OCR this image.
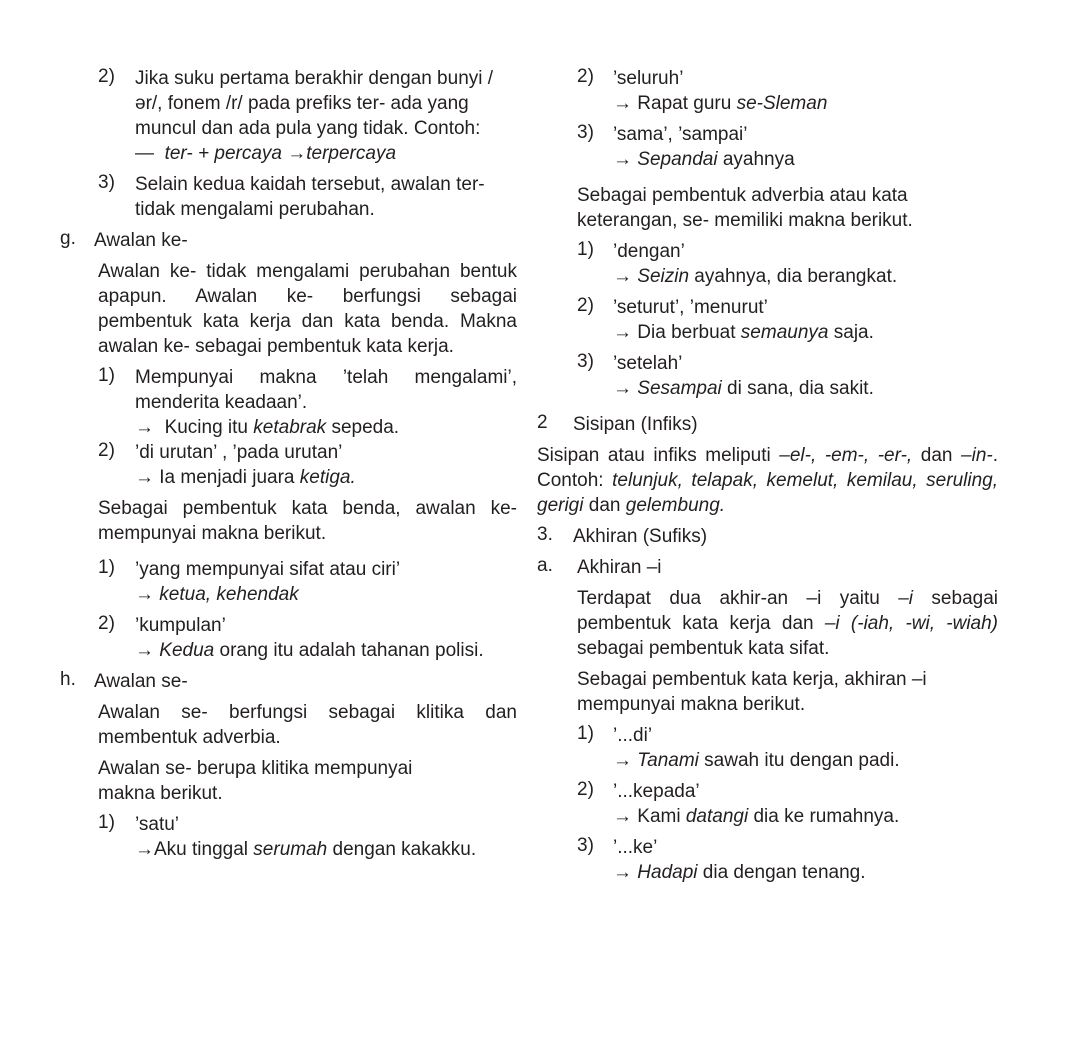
2)	Jika suku pertama berakhir dengan bunyi /ər/, fonem /r/ pada prefiks ter- ada yang muncul dan ada pula yang tidak. Contoh:

— ter- + percaya →terpercaya

3)	Selain kedua kaidah tersebut, awalan ter- tidak mengalami perubahan.

g. Awalan ke-

Awalan ke- tidak mengalami perubahan bentuk apapun. Awalan ke- berfungsi sebagai pembentuk kata kerja dan kata benda. Makna awalan ke- sebagai pembentuk kata kerja.

1)	Mempunyai makna ’telah mengalami’, menderita keadaan’.

→ Kucing itu ketabrak sepeda.

2)	’di urutan’ , ’pada urutan’

→ Ia menjadi juara ketiga.

Sebagai pembentuk kata benda, awalan ke- mempunyai makna berikut.

1)	’yang mempunyai sifat atau ciri’

→ ketua, kehendak

2)	’kumpulan’

→ Kedua orang itu adalah tahanan polisi.

h. Awalan se-

Awalan se- berfungsi sebagai klitika dan membentuk adverbia.

Awalan se- berupa klitika mempunyai makna berikut.

1)	’satu’

→Aku tinggal serumah dengan kakakku.

2)	’seluruh’

→ Rapat guru se-Sleman

3)	’sama’, ’sampai’

→ Sepandai ayahnya

Sebagai pembentuk adverbia atau kata keterangan, se- memiliki makna berikut.

1)	’dengan’

→ Seizin ayahnya, dia berangkat.

2)	’seturut’, ’menurut’

→ Dia berbuat semaunya saja.

3)	’setelah’

→ Sesampai di sana, dia sakit.

2	Sisipan (Infiks)

Sisipan atau infiks meliputi –el-, -em-, -er-, dan –in-. Contoh: telunjuk, telapak, kemelut, kemilau, seruling, gerigi dan gelembung.

3.	Akhiran (Sufiks)

a.	Akhiran –i

Terdapat dua akhir-an –i yaitu –i sebagai pembentuk kata kerja dan –i (-iah, -wi, -wiah) sebagai pembentuk kata sifat.

Sebagai pembentuk kata kerja, akhiran –i mempunyai makna berikut.

1)	’...di’

→ Tanami sawah itu dengan padi.

2)	’...kepada’

→ Kami datangi dia ke rumahnya.

3)	’...ke’

→ Hadapi dia dengan tenang.
